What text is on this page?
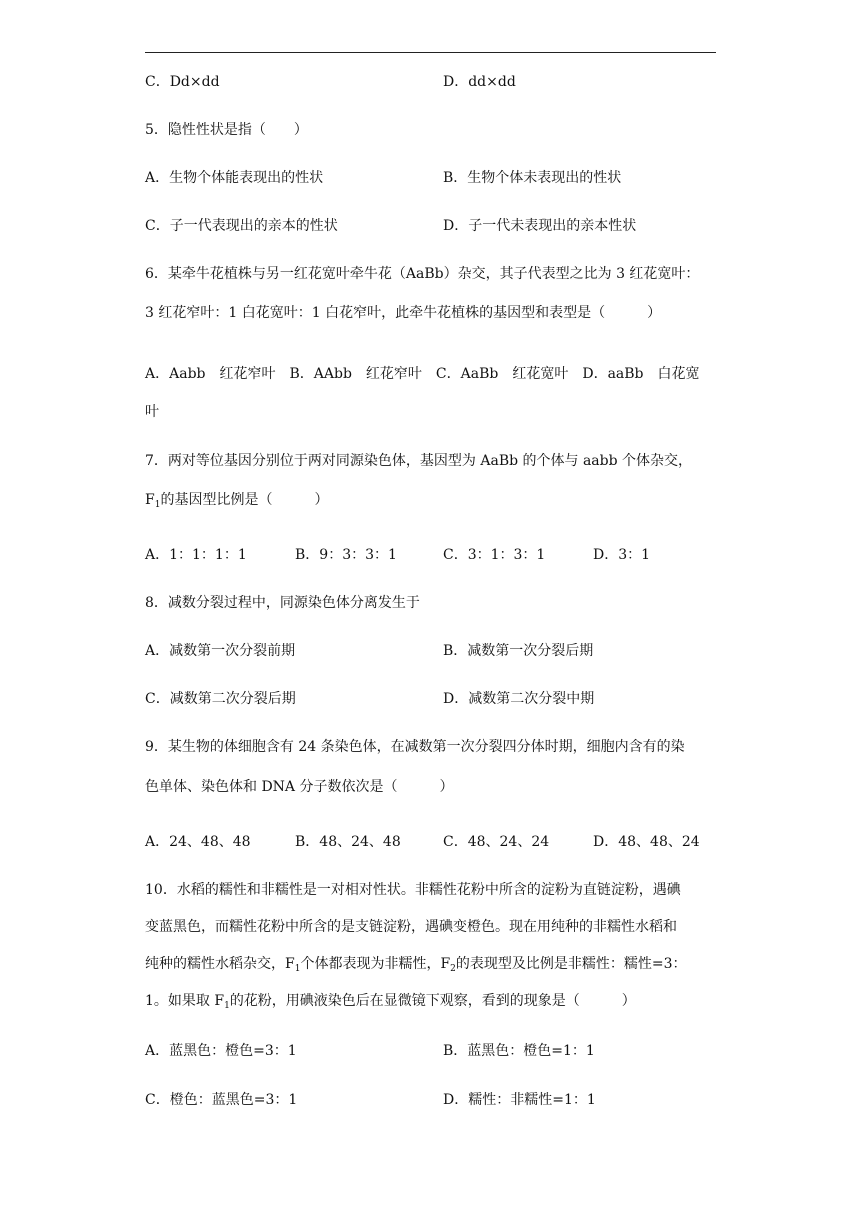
C．Dd×dd	D．dd×dd
5．隐性性状是指（　　）
A．生物个体能表现出的性状	B．生物个体未表现出的性状
C．子一代表现出的亲本的性状	D．子一代未表现出的亲本性状
6．某牵牛花植株与另一红花宽叶牵牛花（AaBb）杂交，其子代表型之比为 3 红花宽叶：
3 红花窄叶：1 白花宽叶：1 白花窄叶，此牵牛花植株的基因型和表型是（　　　）
A．Aabb　红花窄叶　B．AAbb　红花窄叶　C．AaBb　红花宽叶　D．aaBb　白花宽
叶
7．两对等位基因分别位于两对同源染色体，基因型为 AaBb 的个体与 aabb 个体杂交，
$F_1$的基因型比例是（　　　）
A．1：1：1：1	B．9：3：3：1	C．3：1：3：1	D．3：1
8．减数分裂过程中，同源染色体分离发生于
A．减数第一次分裂前期	B．减数第一次分裂后期
C．减数第二次分裂后期	D．减数第二次分裂中期
9．某生物的体细胞含有 24 条染色体，在减数第一次分裂四分体时期，细胞内含有的染
色单体、染色体和 DNA 分子数依次是（　　　）
A．24、48、48	B．48、24、48	C．48、24、24	D．48、48、24
10．水稻的糯性和非糯性是一对相对性状。非糯性花粉中所含的淀粉为直链淀粉，遇碘
变蓝黑色，而糯性花粉中所含的是支链淀粉，遇碘变橙色。现在用纯种的非糯性水稻和
纯种的糯性水稻杂交，$F_1$个体都表现为非糯性，$F_2$的表现型及比例是非糯性：糯性=3：
1。如果取 $F_1$的花粉，用碘液染色后在显微镜下观察，看到的现象是（　　　）
A．蓝黑色：橙色=3：1	B．蓝黑色：橙色=1：1
C．橙色：蓝黑色=3：1	D．糯性：非糯性=1：1
